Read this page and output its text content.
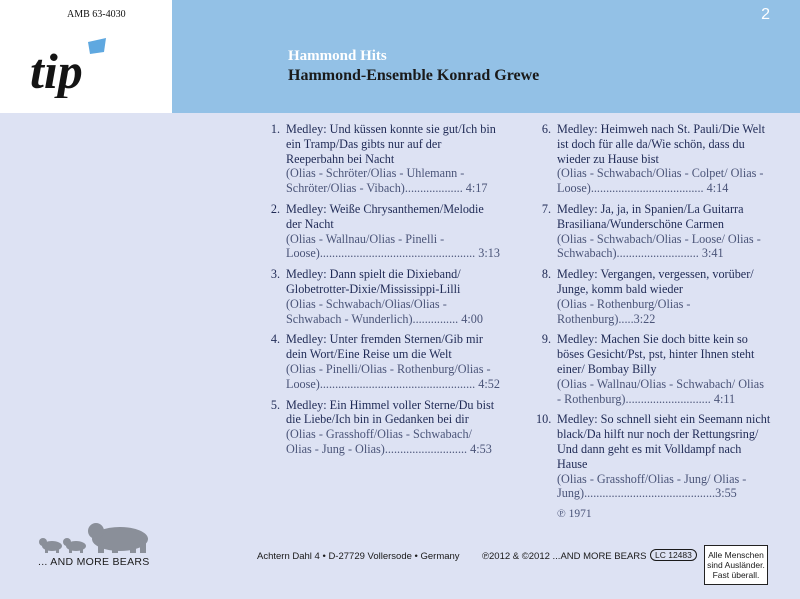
AMB 63-4030
tip
2
Hammond Hits
Hammond-Ensemble Konrad Grewe
1. Medley: Und küssen konnte sie gut/Ich bin ein Tramp/Das gibts nur auf der Reeperbahn bei Nacht
(Olias - Schröter/Olias - Uhlemann - Schröter/Olias - Vibach)................... 4:17
2. Medley: Weiße Chrysanthemen/Melodie der Nacht
(Olias - Wallnau/Olias - Pinelli - Loose)................................................... 3:13
3. Medley: Dann spielt die Dixieband/ Globetrotter-Dixie/Mississippi-Lilli
(Olias - Schwabach/Olias/Olias - Schwabach - Wunderlich)............... 4:00
4. Medley: Unter fremden Sternen/Gib mir dein Wort/Eine Reise um die Welt
(Olias - Pinelli/Olias - Rothenburg/Olias - Loose)................................................... 4:52
5. Medley: Ein Himmel voller Sterne/Du bist die Liebe/Ich bin in Gedanken bei dir
(Olias - Grasshoff/Olias - Schwabach/ Olias - Jung - Olias)........................... 4:53
6. Medley: Heimweh nach St. Pauli/Die Welt ist doch für alle da/Wie schön, dass du wieder zu Hause bist
(Olias - Schwabach/Olias - Colpet/ Olias - Loose)..................................... 4:14
7. Medley: Ja, ja, in Spanien/La Guitarra Brasiliana/Wunderschöne Carmen
(Olias - Schwabach/Olias - Loose/ Olias - Schwabach)........................... 3:41
8. Medley: Vergangen, vergessen, vorüber/ Junge, komm bald wieder
(Olias - Rothenburg/Olias - Rothenburg).....3:22
9. Medley: Machen Sie doch bitte kein so böses Gesicht/Pst, pst, hinter Ihnen steht einer/ Bombay Billy
(Olias - Wallnau/Olias - Schwabach/ Olias - Rothenburg)............................ 4:11
10. Medley: So schnell sieht ein Seemann nicht black/Da hilft nur noch der Rettungsring/ Und dann geht es mit Volldampf nach Hause
(Olias - Grasshoff/Olias - Jung/ Olias - Jung)...........................................3:55
℗ 1971
... AND MORE BEARS	Achtern Dahl 4 • D-27729 Vollersode • Germany ℗2012 & ©2012 ...AND MORE BEARS	LC 12483	Alle Menschen sind Ausländer. Fast überall.
